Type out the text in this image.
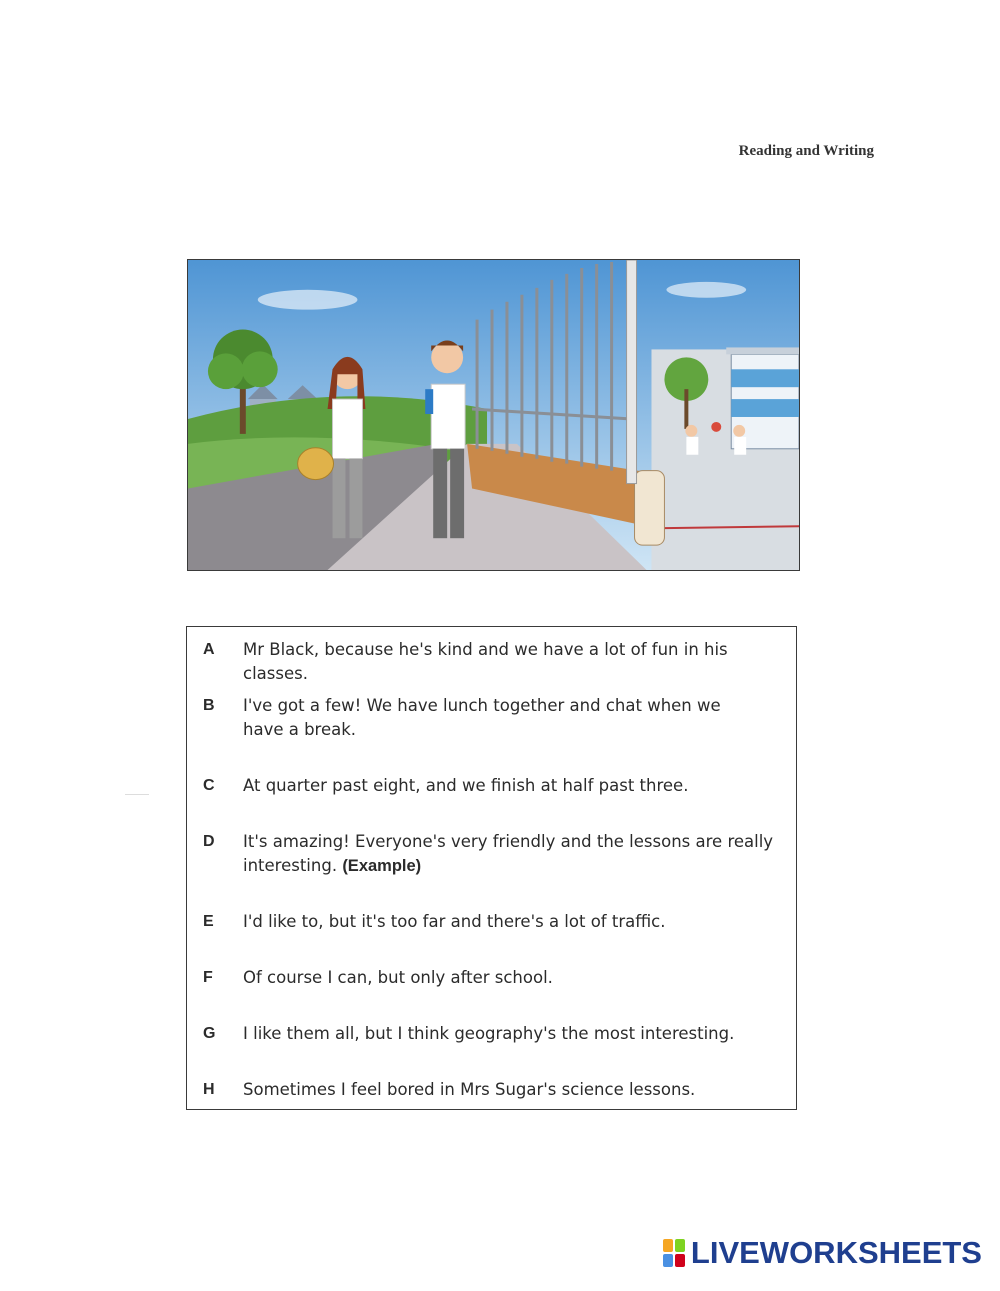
Reading and Writing
A	Mr Black, because he's kind and we have a lot of fun in his classes.
B	I've got a few! We have lunch together and chat when we have a break.
C	At quarter past eight, and we finish at half past three.
D	It's amazing! Everyone's very friendly and the lessons are really interesting. (Example)
E	I'd like to, but it's too far and there's a lot of traffic.
F	Of course I can, but only after school.
G	I like them all, but I think geography's the most interesting.
H	Sometimes I feel bored in Mrs Sugar's science lessons.
LIVEWORKSHEETS
